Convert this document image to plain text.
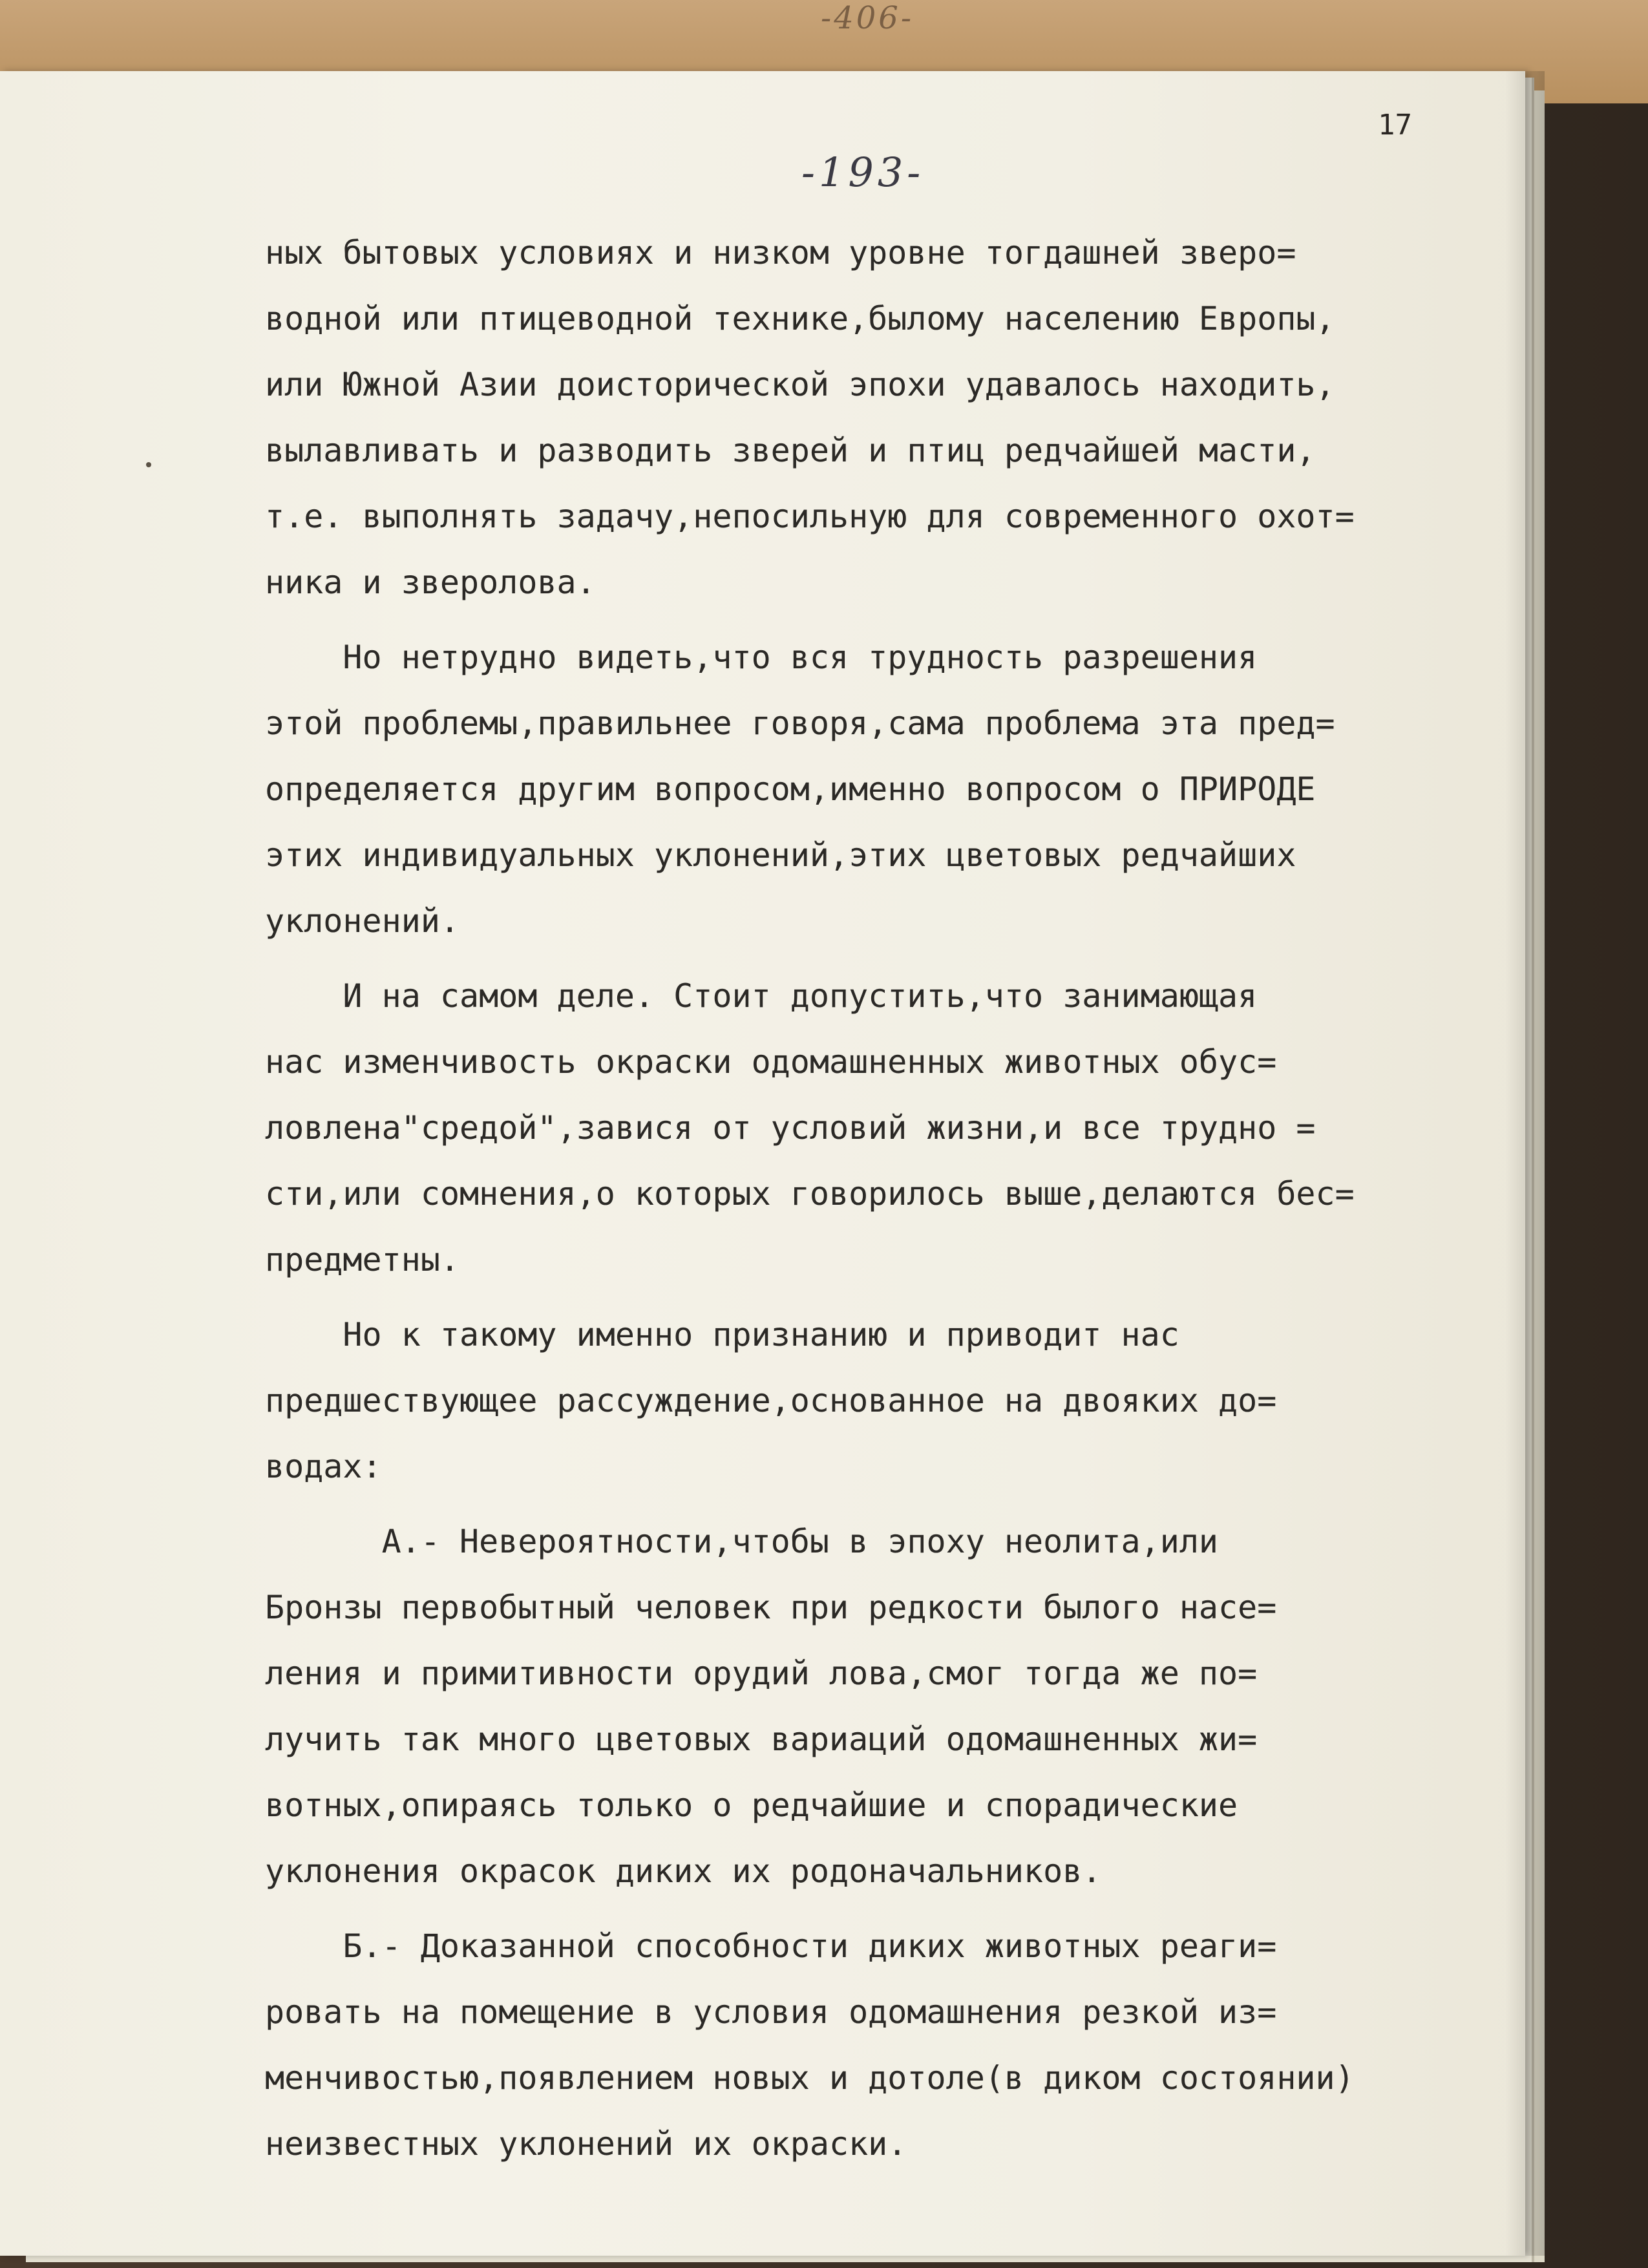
-406-
17
-193-
ных бытовых условиях и низком уровне тогдашней зверо=
водной или птицеводной технике,былому населению Европы,
или Южной Азии доисторической эпохи удавалось находить,
вылавливать и разводить зверей и птиц редчайшей масти,
т.е. выполнять задачу,непосильную для современного охот=
ника и зверолова.
Но нетрудно видеть,что вся трудность разрешения
этой проблемы,правильнее говоря,сама проблема эта пред=
определяется другим вопросом,именно вопросом о ПРИРОДЕ
этих индивидуальных уклонений,этих цветовых редчайших
уклонений.
И на самом деле. Стоит допустить,что занимающая
нас изменчивость окраски одомашненных животных обус=
ловлена"средой",завися от условий жизни,и все трудно =
сти,или сомнения,о которых говорилось выше,делаются бес=
предметны.
Но к такому именно признанию и приводит нас
предшествующее рассуждение,основанное на двояких до=
водах:
А.- Невероятности,чтобы в эпоху неолита,или
Бронзы первобытный человек при редкости былого насе=
ления и примитивности орудий лова,смог тогда же по=
лучить так много цветовых вариаций одомашненных жи=
вотных,опираясь только о редчайшие и спорадические
уклонения окрасок диких их родоначальников.
Б.- Доказанной способности диких животных реаги=
ровать на помещение в условия одомашнения резкой из=
менчивостью,появлением новых и дотоле(в диком состоянии)
неизвестных уклонений их окраски.
